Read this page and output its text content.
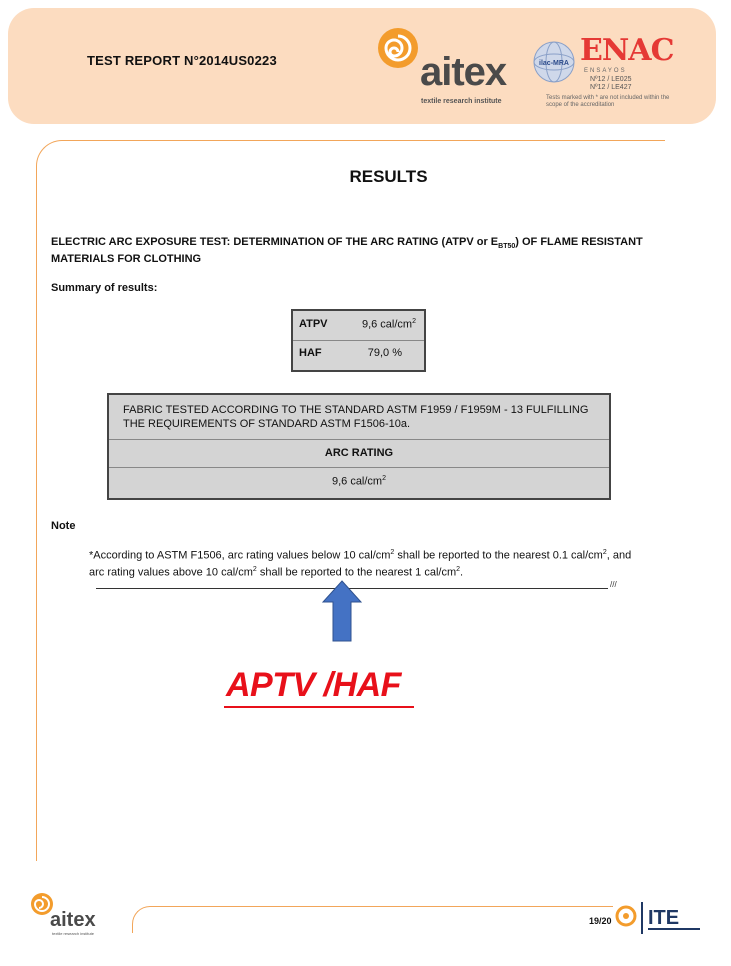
TEST REPORT N°2014US0223	aitex
textile research institute
ilac-MRA ENAC
ENSAYOS
Nº12 / LE025
Nº12 / LE427
Tests marked with * are not included within the scope of the accreditation
RESULTS
ELECTRIC ARC EXPOSURE TEST: DETERMINATION OF THE ARC RATING (ATPV or $E_{BT50}$) OF FLAME RESISTANT MATERIALS FOR CLOTHING
Summary of results:
ATPV	9,6 cal/$cm^2$
HAF	79,0 %
FABRIC TESTED ACCORDING TO THE STANDARD ASTM F1959 / F1959M - 13 FULFILLING THE REQUIREMENTS OF STANDARD ASTM F1506-10a.
ARC RATING
9,6 cal/$cm^2$
Note
*According to ASTM F1506, arc rating values below 10 cal/$cm^2$ shall be reported to the nearest 0.1 cal/$cm^2$, and arc rating values above 10 cal/$cm^2$ shall be reported to the nearest 1 cal/$cm^2$.
///
APTV /HAF
aitex
textile research institute
19/20 ITE
